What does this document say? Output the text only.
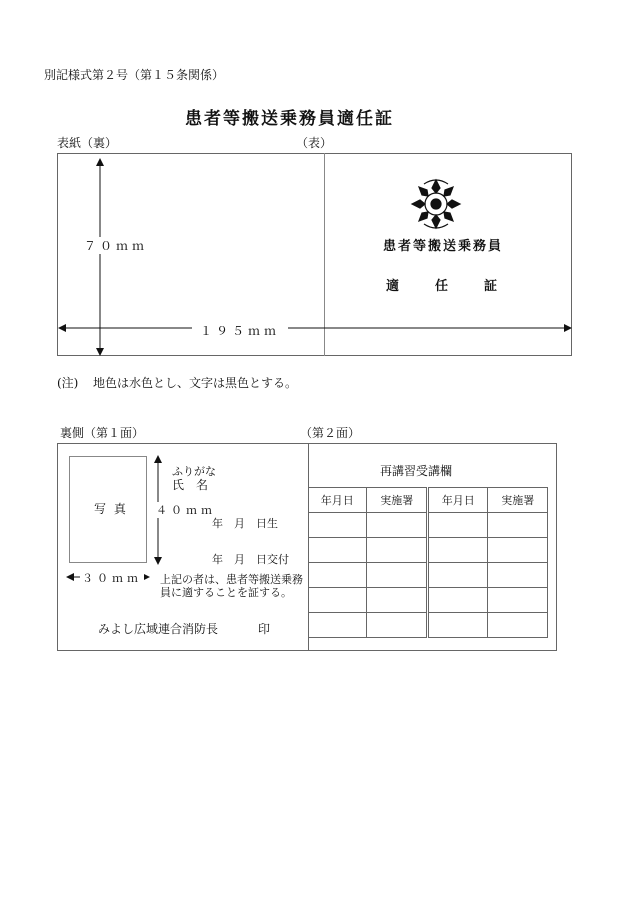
別記様式第２号（第１５条関係）
患者等搬送乗務員適任証
表紙（裏）	（表）
７０ｍｍ
１９５ｍｍ
患者等搬送乗務員
適	任	証
(注) 地色は水色とし、文字は黒色とする。
裏側（第１面）	（第２面）
写 真	４０ｍｍ
３０ｍｍ
ふりがな
氏　名
年　月　日生
年　月　日交付
上記の者は、患者等搬送乗務
員に適することを証する。
みよし広域連合消防長	印
再講習受講欄
年月日	実施署	年月日	実施署
